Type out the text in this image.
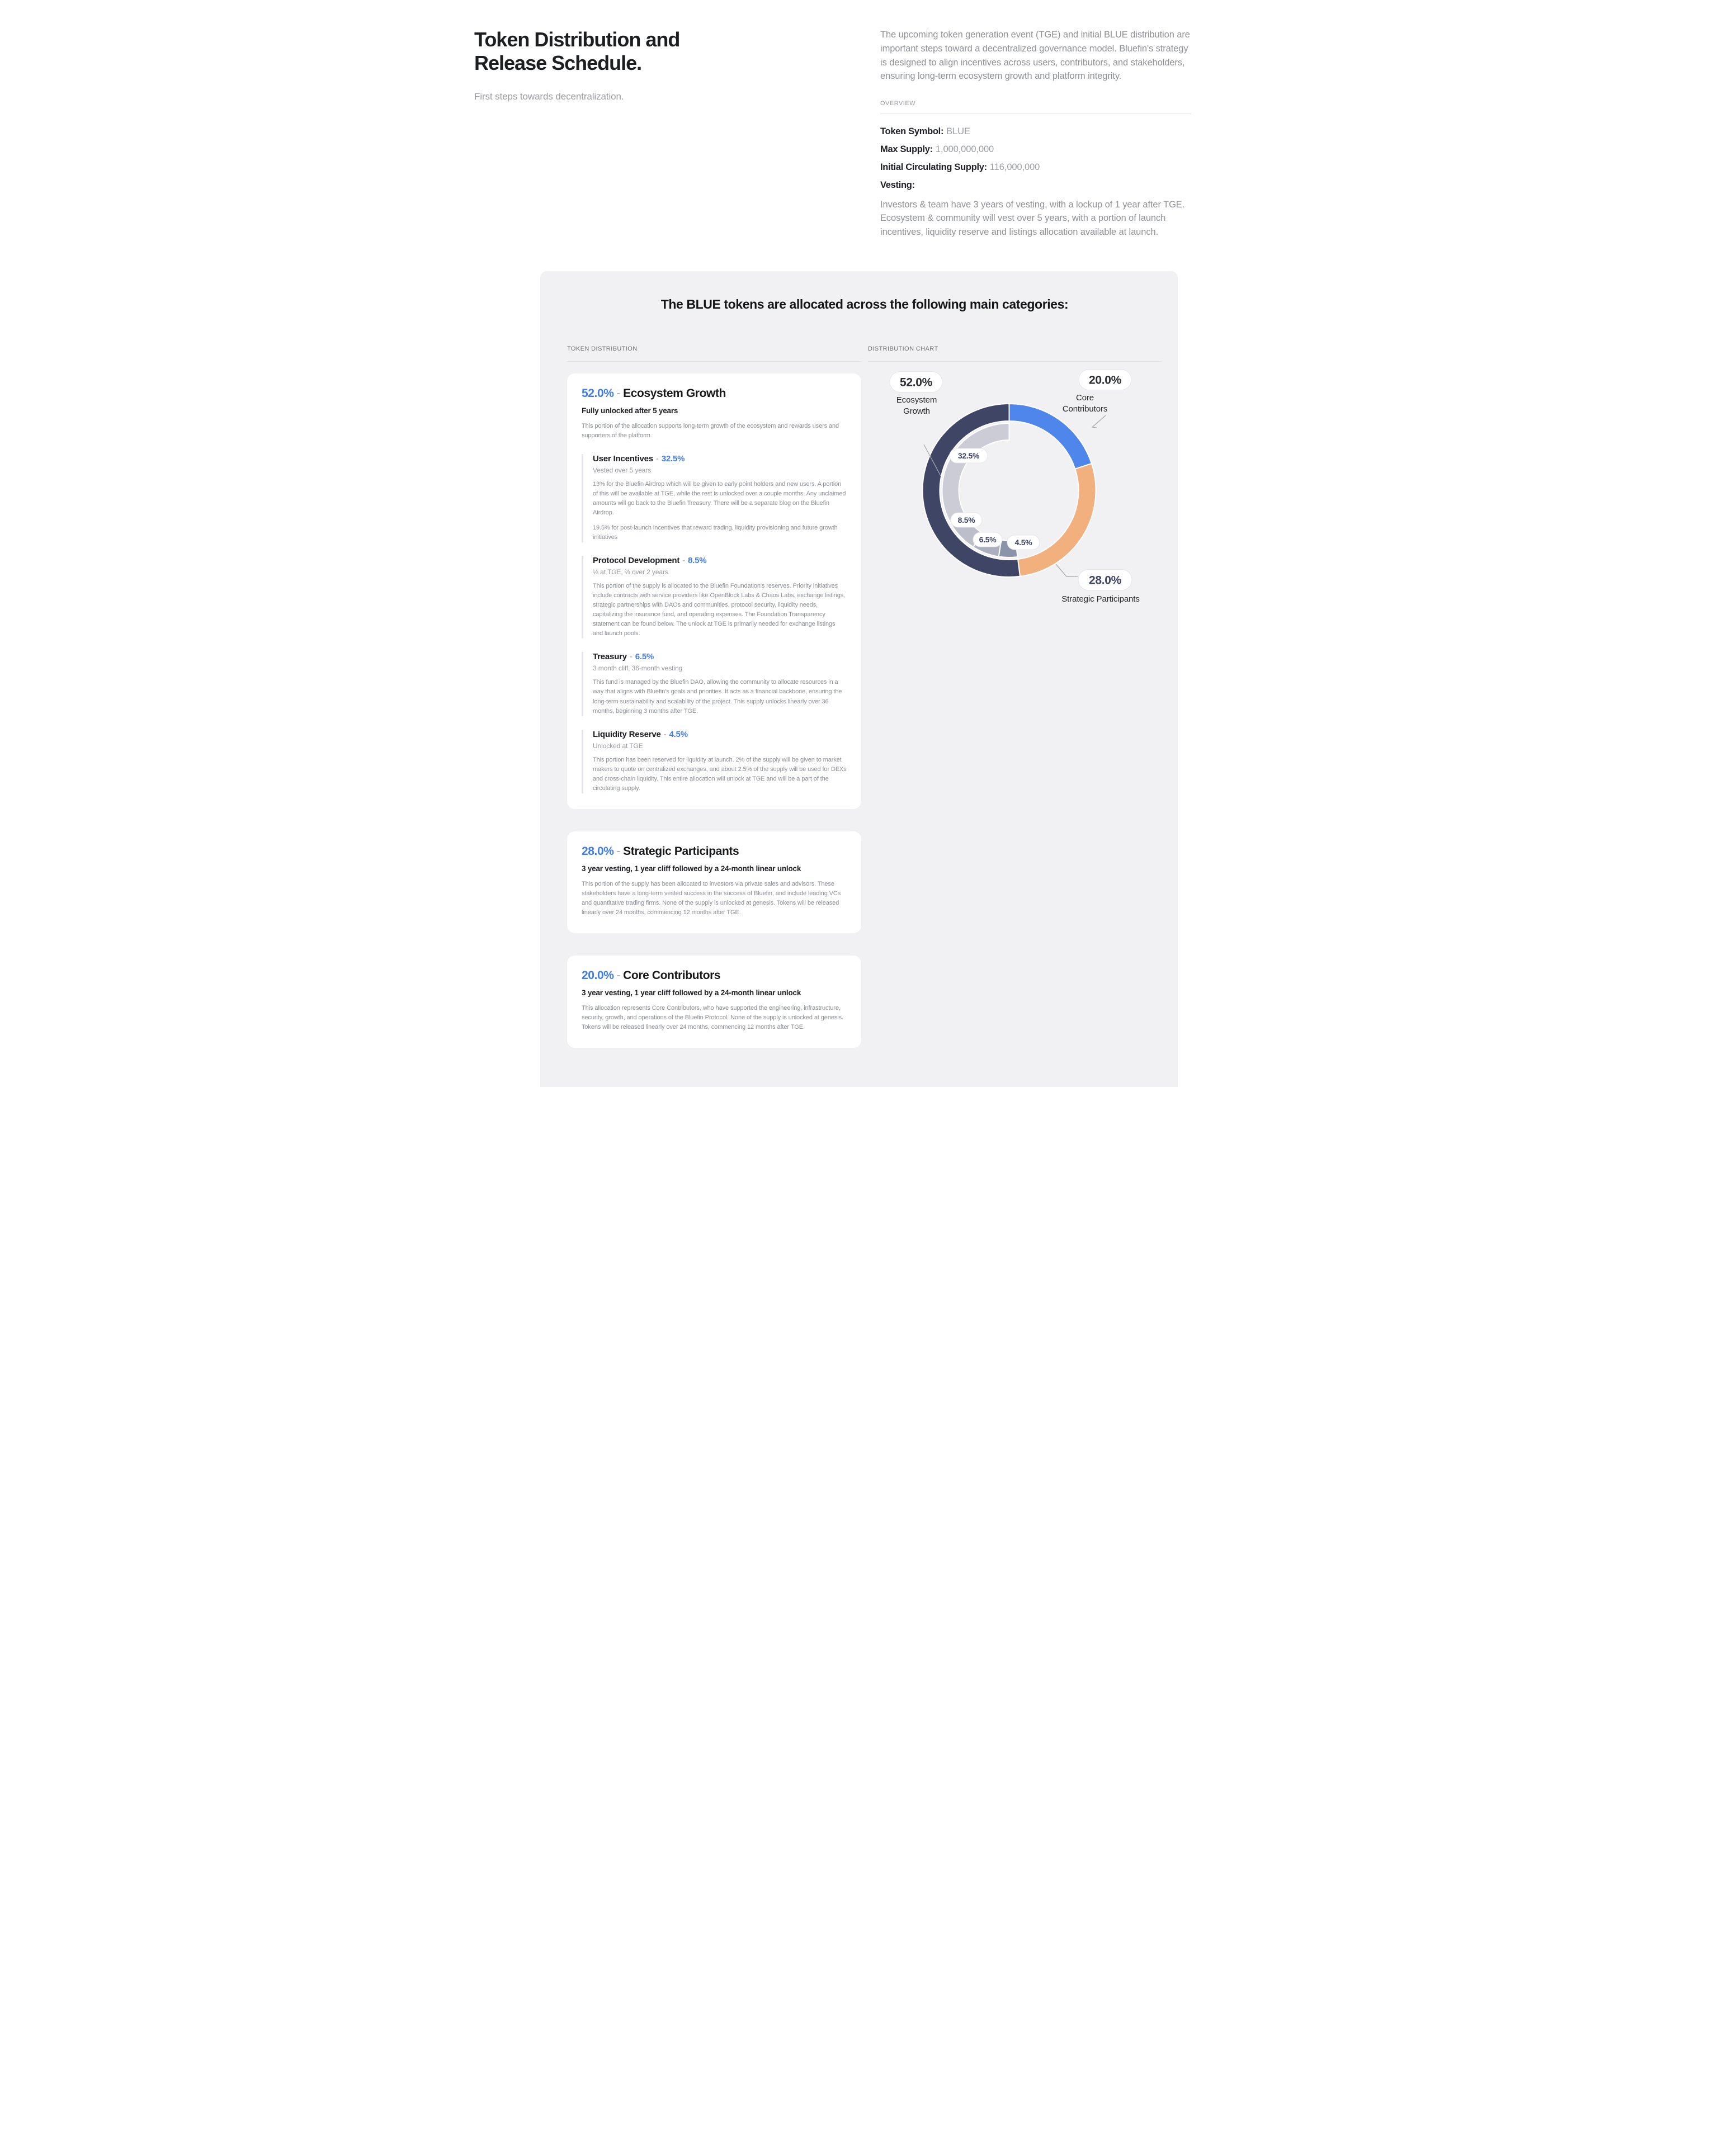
Token Distribution and Release Schedule.
First steps towards decentralization.

The upcoming token generation event (TGE) and initial BLUE distribution are important steps toward a decentralized governance model. Bluefin's strategy is designed to align incentives across users, contributors, and stakeholders, ensuring long-term ecosystem growth and platform integrity.

OVERVIEW
Token Symbol: BLUE
Max Supply: 1,000,000,000
Initial Circulating Supply: 116,000,000
Vesting:

Investors & team have 3 years of vesting, with a lockup of 1 year after TGE. Ecosystem & community will vest over 5 years, with a portion of launch incentives, liquidity reserve and listings allocation available at launch.

The BLUE tokens are allocated across the following main categories:
TOKEN DISTRIBUTION
52.0% - Ecosystem Growth
Fully unlocked after 5 years

This portion of the allocation supports long-term growth of the ecosystem and rewards users and supporters of the platform.

User Incentives - 32.5%
Vested over 5 years

13% for the Bluefin Airdrop which will be given to early point holders and new users. A portion of this will be available at TGE, while the rest is unlocked over a couple months. Any unclaimed amounts will go back to the Bluefin Treasury. There will be a separate blog on the Bluefin Airdrop.

19.5% for post-launch incentives that reward trading, liquidity provisioning and future growth initiatives

Protocol Development - 8.5%
⅓ at TGE, ⅔ over 2 years

This portion of the supply is allocated to the Bluefin Foundation's reserves. Priority initiatives include contracts with service providers like OpenBlock Labs & Chaos Labs, exchange listings, strategic partnerships with DAOs and communities, protocol security, liquidity needs, capitalizing the insurance fund, and operating expenses. The Foundation Transparency statement can be found below. The unlock at TGE is primarily needed for exchange listings and launch pools.

Treasury - 6.5%
3 month cliff, 36-month vesting

This fund is managed by the Bluefin DAO, allowing the community to allocate resources in a way that aligns with Bluefin's goals and priorities. It acts as a financial backbone, ensuring the long-term sustainability and scalability of the project. This supply unlocks linearly over 36 months, beginning 3 months after TGE.

Liquidity Reserve - 4.5%
Unlocked at TGE

This portion has been reserved for liquidity at launch. 2% of the supply will be given to market makers to quote on centralized exchanges, and about 2.5% of the supply will be used for DEXs and cross-chain liquidity. This entire allocation will unlock at TGE and will be a part of the circulating supply.

28.0% - Strategic Participants
3 year vesting, 1 year cliff followed by a 24-month linear unlock

This portion of the supply has been allocated to investors via private sales and advisors. These stakeholders have a long-term vested success in the success of Bluefin, and include leading VCs and quantitative trading firms. None of the supply is unlocked at genesis. Tokens will be released linearly over 24 months, commencing 12 months after TGE.

20.0% - Core Contributors
3 year vesting, 1 year cliff followed by a 24-month linear unlock

This allocation represents Core Contributors, who have supported the engineering, infrastructure, security, growth, and operations of the Bluefin Protocol. None of the supply is unlocked at genesis. Tokens will be released linearly over 24 months, commencing 12 months after TGE.

DISTRIBUTION CHART
52.0%
Ecosystem Growth
20.0%
Core Contributors
28.0%
Strategic Participants
4.5%
6.5%
8.5%
32.5%
